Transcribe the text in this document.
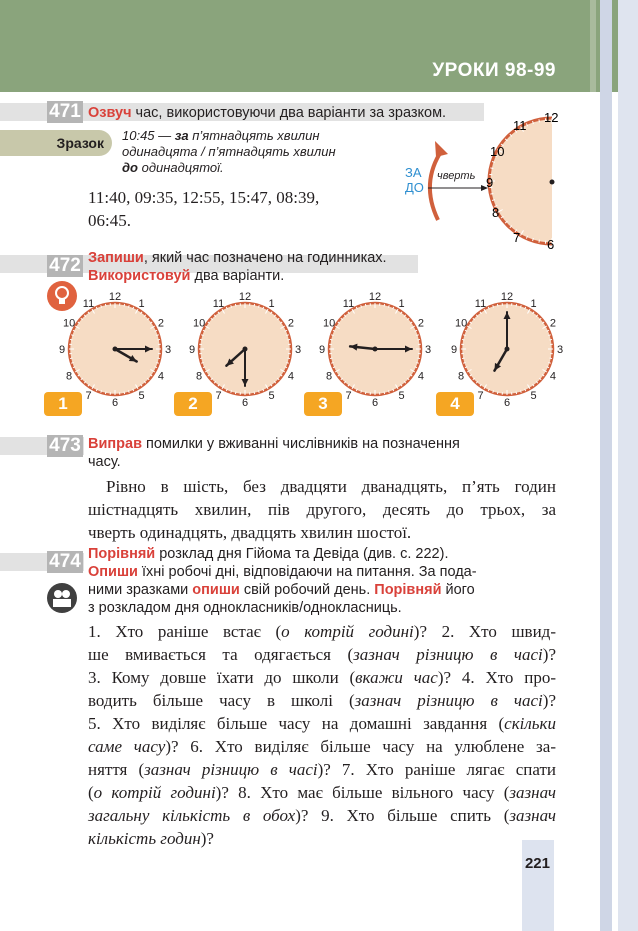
УРОКИ 98-99
471 Озвуч час, використовуючи два варіанти за зразком.
Зразок	10:45 — за п’ятнадцять хвилин
одинадцята / п’ятнадцять хвилин
до одинадцятої.
11:40, 09:35, 12:55, 15:47, 08:39,
06:45.
ЗА
ДО
чверть
12
11
10
9
8
7 6
472 Запиши, який час позначено на годинниках.
Використовуй два варіанти.
12
1
2
3
4
5
6
7
8
9
10
11
1
12
1
2
3
4
5
6
7
8
9
10
11
2
12
1
2
3
4
5
6
7
8
9
10
11
3
12
1
2
3
4
5
6
7
8
9
10
11
4
473 Виправ помилки у вживанні числівників на позначення
часу.
Рівно в шість, без двадцяти дванадцять, п’ять годин
шістнадцять хвилин, пів другого, десять до трьох, за
чверть одинадцять, двадцять хвилин шостої.
474 Порівняй розклад дня Гійома та Девіда (див. с. 222).
Опиши їхні робочі дні, відповідаючи на питання. За пода-
ними зразками опиши свій робочий день. Порівняй його
з розкладом дня однокласників/однокласниць.
1. Хто раніше встає (о котрій годині)? 2. Хто швид-
ше вмивається та одягається (зазнач різницю в часі)?
3. Кому довше їхати до школи (вкажи час)? 4. Хто про-
водить більше часу в школі (зазнач різницю в часі)?
5. Хто виділяє більше часу на домашні завдання (скільки
саме часу)? 6. Хто виділяє більше часу на улюблене за-
няття (зазнач різницю в часі)? 7. Хто раніше лягає спати
(о котрій годині)? 8. Хто має більше вільного часу (зазнач
загальну кількість в обох)? 9. Хто більше спить (зазнач
кількість годин)?
221
